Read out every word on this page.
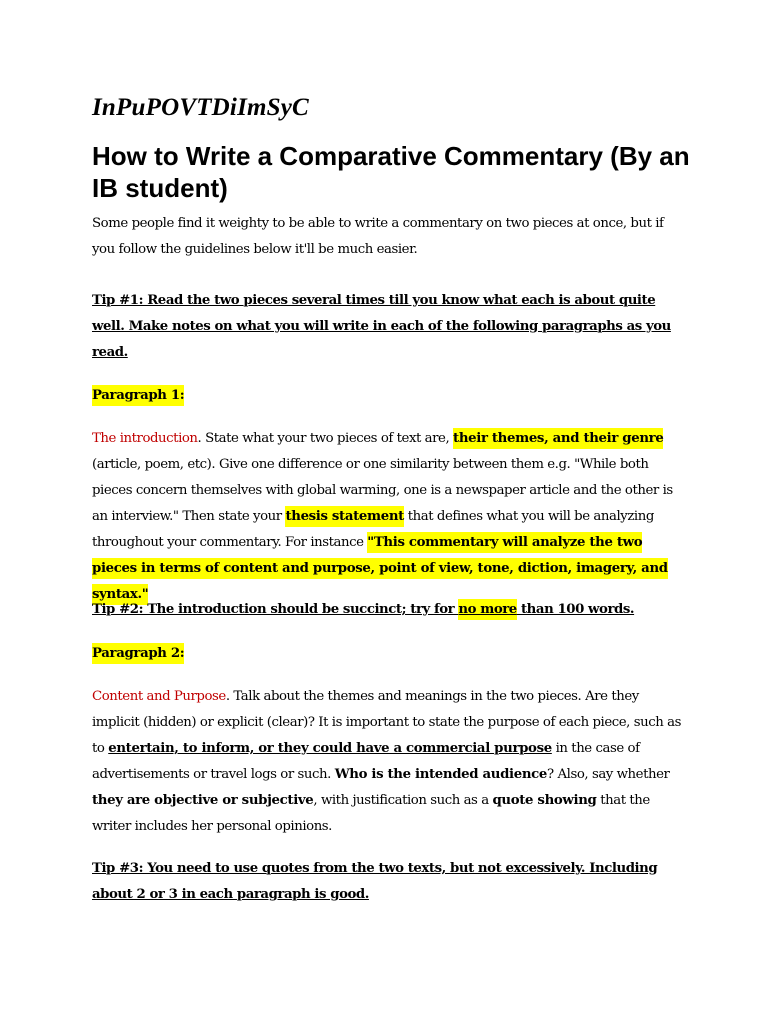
InPuPOVTDiImSyC
How to Write a Comparative Commentary (By an IB student)

Some people find it weighty to be able to write a commentary on two pieces at once, but if you follow the guidelines below it'll be much easier.

Tip #1: Read the two pieces several times till you know what each is about quite well. Make notes on what you will write in each of the following paragraphs as you read.

Paragraph 1:

The introduction. State what your two pieces of text are, their themes, and their genre (article, poem, etc). Give one difference or one similarity between them e.g. "While both pieces concern themselves with global warming, one is a newspaper article and the other is an interview." Then state your thesis statement that defines what you will be analyzing throughout your commentary. For instance "This commentary will analyze the two pieces in terms of content and purpose, point of view, tone, diction, imagery, and syntax."

Tip #2: The introduction should be succinct; try for no more than 100 words.

Paragraph 2:

Content and Purpose. Talk about the themes and meanings in the two pieces. Are they implicit (hidden) or explicit (clear)? It is important to state the purpose of each piece, such as to entertain, to inform, or they could have a commercial purpose in the case of advertisements or travel logs or such. Who is the intended audience? Also, say whether they are objective or subjective, with justification such as a quote showing that the writer includes her personal opinions.

Tip #3: You need to use quotes from the two texts, but not excessively. Including about 2 or 3 in each paragraph is good.
